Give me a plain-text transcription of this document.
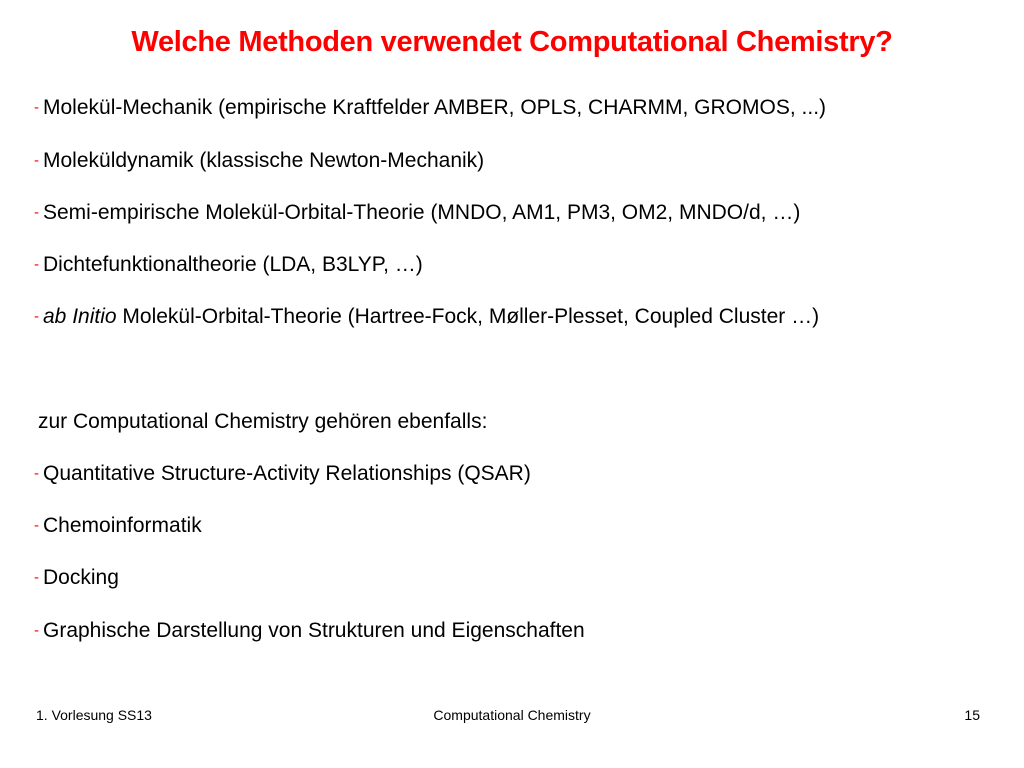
Welche Methoden verwendet Computational Chemistry?
- Molekül-Mechanik (empirische Kraftfelder AMBER, OPLS, CHARMM, GROMOS, ...)
- Moleküldynamik (klassische Newton-Mechanik)
- Semi-empirische Molekül-Orbital-Theorie (MNDO, AM1, PM3, OM2, MNDO/d, …)
- Dichtefunktionaltheorie (LDA, B3LYP, …)
- ab Initio Molekül-Orbital-Theorie (Hartree-Fock, Møller-Plesset, Coupled Cluster …)
zur Computational Chemistry gehören ebenfalls:
- Quantitative Structure-Activity Relationships (QSAR)
- Chemoinformatik
- Docking
- Graphische Darstellung von Strukturen und Eigenschaften
1. Vorlesung SS13	Computational Chemistry	15
